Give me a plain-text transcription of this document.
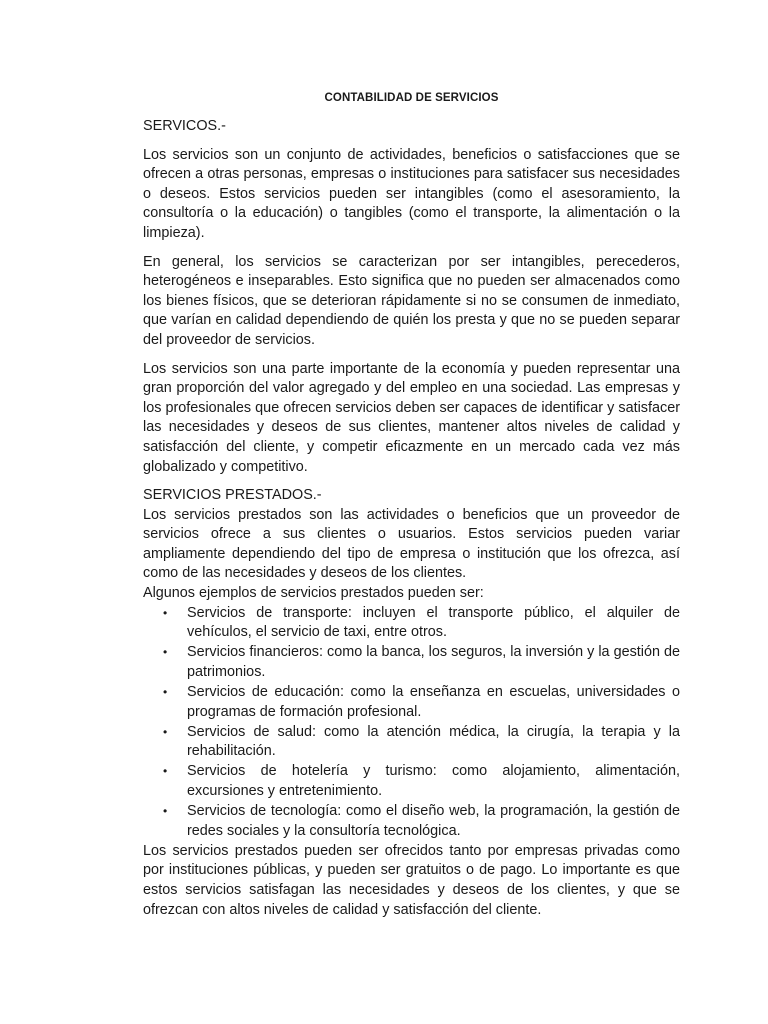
CONTABILIDAD DE SERVICIOS
SERVICOS.-

Los servicios son un conjunto de actividades, beneficios o satisfacciones que se ofrecen a otras personas, empresas o instituciones para satisfacer sus necesidades o deseos. Estos servicios pueden ser intangibles (como el asesoramiento, la consultoría o la educación) o tangibles (como el transporte, la alimentación o la limpieza).

En general, los servicios se caracterizan por ser intangibles, perecederos, heterogéneos e inseparables. Esto significa que no pueden ser almacenados como los bienes físicos, que se deterioran rápidamente si no se consumen de inmediato, que varían en calidad dependiendo de quién los presta y que no se pueden separar del proveedor de servicios.

Los servicios son una parte importante de la economía y pueden representar una gran proporción del valor agregado y del empleo en una sociedad. Las empresas y los profesionales que ofrecen servicios deben ser capaces de identificar y satisfacer las necesidades y deseos de sus clientes, mantener altos niveles de calidad y satisfacción del cliente, y competir eficazmente en un mercado cada vez más globalizado y competitivo.

SERVICIOS PRESTADOS.-

Los servicios prestados son las actividades o beneficios que un proveedor de servicios ofrece a sus clientes o usuarios. Estos servicios pueden variar ampliamente dependiendo del tipo de empresa o institución que los ofrezca, así como de las necesidades y deseos de los clientes.

Algunos ejemplos de servicios prestados pueden ser:

• Servicios de transporte: incluyen el transporte público, el alquiler de vehículos, el servicio de taxi, entre otros.
• Servicios financieros: como la banca, los seguros, la inversión y la gestión de patrimonios.
• Servicios de educación: como la enseñanza en escuelas, universidades o programas de formación profesional.
• Servicios de salud: como la atención médica, la cirugía, la terapia y la rehabilitación.
• Servicios de hotelería y turismo: como alojamiento, alimentación, excursiones y entretenimiento.
• Servicios de tecnología: como el diseño web, la programación, la gestión de redes sociales y la consultoría tecnológica.

Los servicios prestados pueden ser ofrecidos tanto por empresas privadas como por instituciones públicas, y pueden ser gratuitos o de pago. Lo importante es que estos servicios satisfagan las necesidades y deseos de los clientes, y que se ofrezcan con altos niveles de calidad y satisfacción del cliente.
